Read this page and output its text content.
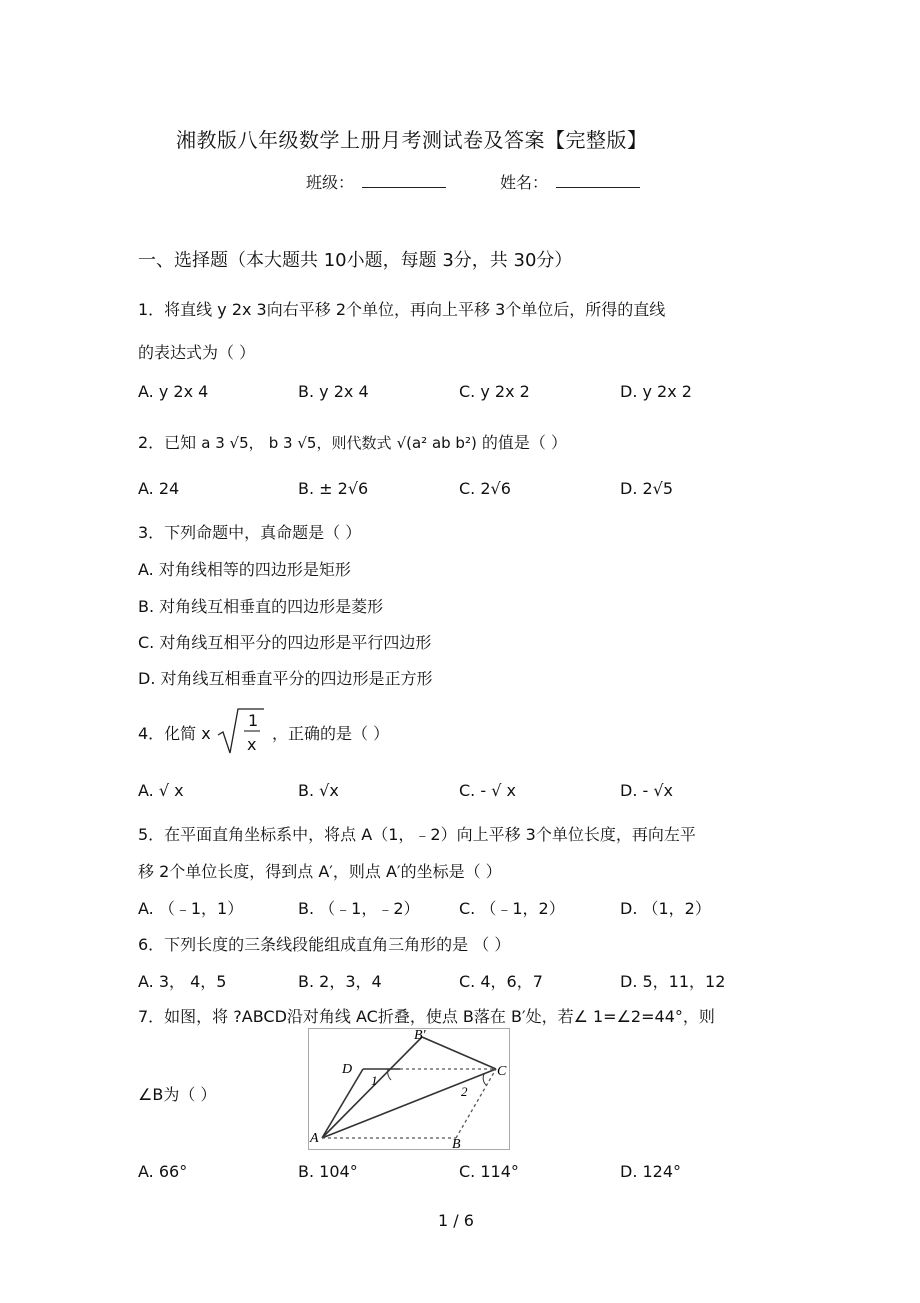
湘教版八年级数学上册月考测试卷及答案【完整版】
班级：	姓名：
一、选择题（本大题共 10小题，每题 3分，共 30分）
1．将直线 y 2x 3向右平移 2个单位，再向上平移 3个单位后，所得的直线
的表达式为（ ）
A. y 2x 4	B. y 2x 4	C. y 2x 2	D. y 2x 2
2．已知 a 3 √5， b 3 √5，则代数式 √(a² ab b²) 的值是（ ）
A. 24	B. ± 2√6	C. 2√6	D. 2√5
3．下列命题中，真命题是（ ）
A. 对角线相等的四边形是矩形
B. 对角线互相垂直的四边形是菱形
C. 对角线互相平分的四边形是平行四边形
D. 对角线互相垂直平分的四边形是正方形
4．化简 x
1
x
，正确的是（ ）
A. √ x	B. √x	C. - √ x	D. - √x
5．在平面直角坐标系中，将点 A（1，﹣2）向上平移 3个单位长度，再向左平
移 2个单位长度，得到点 A′，则点 A′的坐标是（ ）
A. （﹣1，1）	B. （﹣1，﹣2） C. （﹣1，2）	D. （1，2）
6．下列长度的三条线段能组成直角三角形的是 （ ）
A. 3， 4，5	B. 2，3，4	C. 4，6，7	D. 5，11，12
7．如图，将 ?ABCD沿对角线 AC折叠，使点 B落在 B′处，若∠ 1=∠2=44°，则
∠B为（ ）
D
B′
C
A	B
1
2
A. 66°	B. 104°	C. 114°	D. 124°
1 / 6
